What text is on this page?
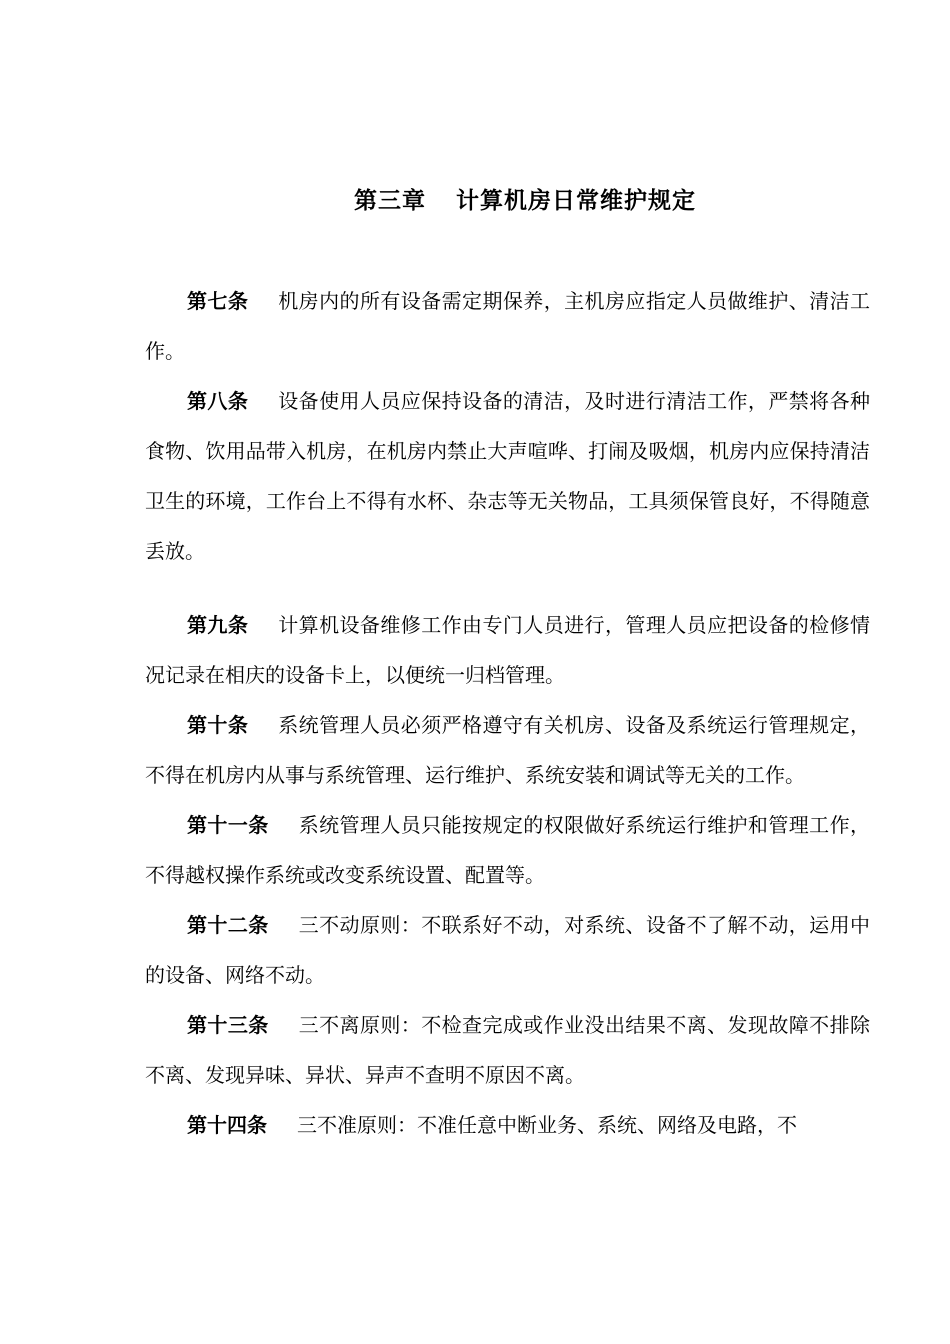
第三章 计算机房日常维护规定

第七条 机房内的所有设备需定期保养，主机房应指定人员做维护、清洁工作。

第八条 设备使用人员应保持设备的清洁，及时进行清洁工作，严禁将各种食物、饮用品带入机房，在机房内禁止大声喧哗、打闹及吸烟，机房内应保持清洁卫生的环境，工作台上不得有水杯、杂志等无关物品，工具须保管良好，不得随意丢放。

第九条 计算机设备维修工作由专门人员进行，管理人员应把设备的检修情况记录在相庆的设备卡上，以便统一归档管理。

第十条 系统管理人员必须严格遵守有关机房、设备及系统运行管理规定，不得在机房内从事与系统管理、运行维护、系统安装和调试等无关的工作。

第十一条 系统管理人员只能按规定的权限做好系统运行维护和管理工作，不得越权操作系统或改变系统设置、配置等。

第十二条 三不动原则：不联系好不动，对系统、设备不了解不动，运用中的设备、网络不动。

第十三条 三不离原则：不检查完成或作业没出结果不离、发现故障不排除不离、发现异味、异状、异声不查明不原因不离。

第十四条 三不准原则：不准任意中断业务、系统、网络及电路，不
